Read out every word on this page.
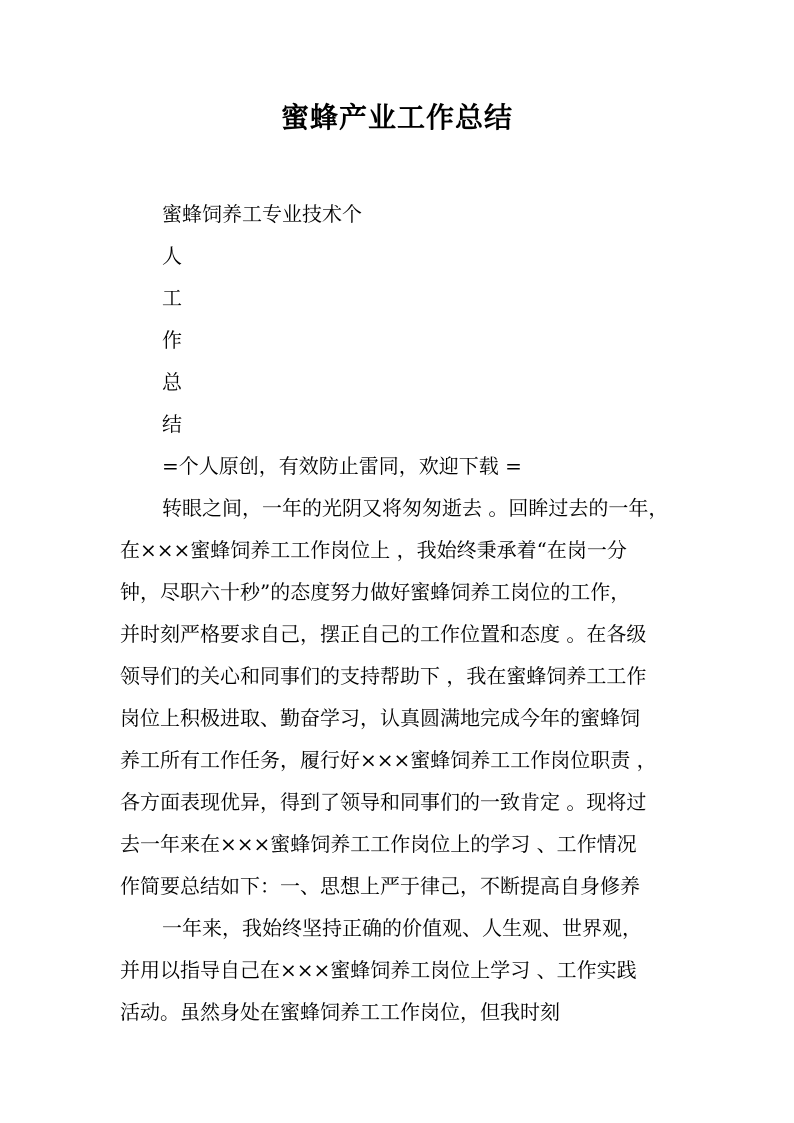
蜜蜂产业工作总结
蜜蜂饲养工专业技术个
人
工
作
总
结
=个人原创，有效防止雷同，欢迎下载 =
转眼之间，一年的光阴又将匆匆逝去 。回眸过去的一年，
在×××蜜蜂饲养工工作岗位上 ，我始终秉承着“在岗一分
钟，尽职六十秒”的态度努力做好蜜蜂饲养工岗位的工作，
并时刻严格要求自己，摆正自己的工作位置和态度 。在各级
领导们的关心和同事们的支持帮助下 ，我在蜜蜂饲养工工作
岗位上积极进取、勤奋学习，认真圆满地完成今年的蜜蜂饲
养工所有工作任务，履行好×××蜜蜂饲养工工作岗位职责 ，
各方面表现优异，得到了领导和同事们的一致肯定 。现将过
去一年来在×××蜜蜂饲养工工作岗位上的学习 、工作情况
作简要总结如下：一、思想上严于律己，不断提高自身修养
一年来，我始终坚持正确的价值观、人生观、世界观，
并用以指导自己在×××蜜蜂饲养工岗位上学习 、工作实践
活动。虽然身处在蜜蜂饲养工工作岗位，但我时刻
